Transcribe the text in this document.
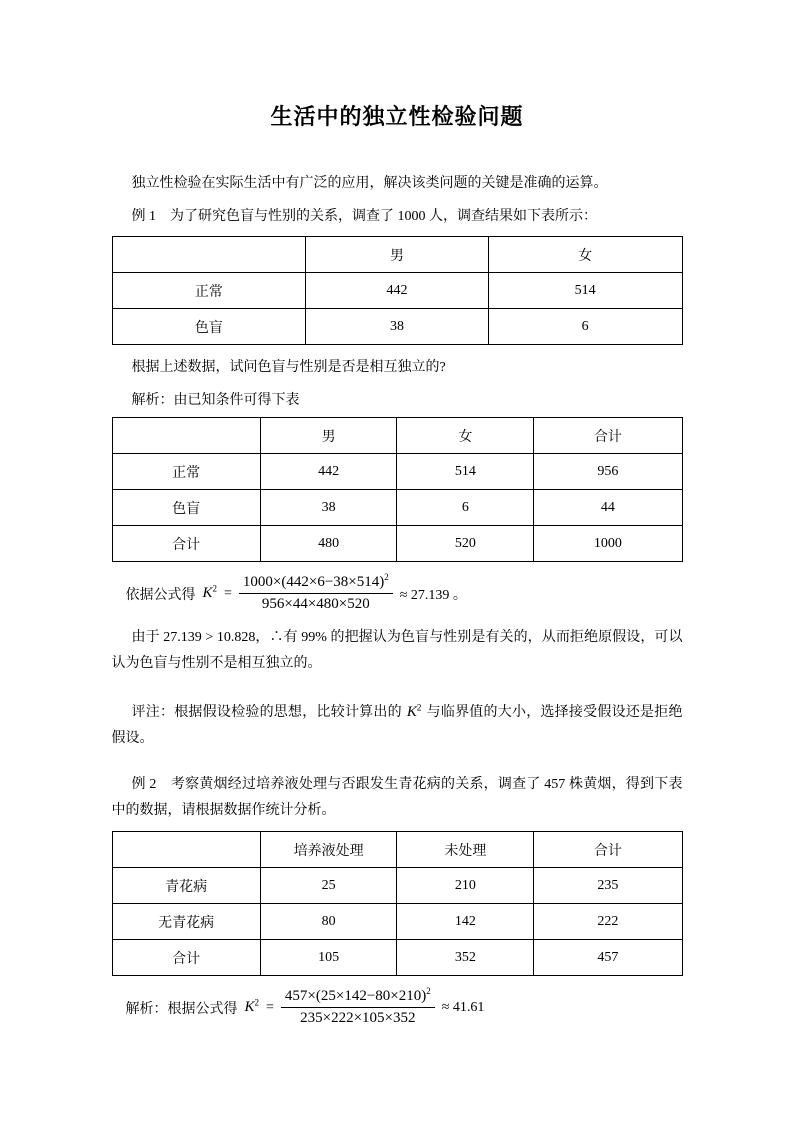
生活中的独立性检验问题

独立性检验在实际生活中有广泛的应用，解决该类问题的关键是准确的运算。

例 1　为了研究色盲与性别的关系，调查了 1000 人，调查结果如下表所示：

	男	女
正常	442	514
色盲	38	6

根据上述数据，试问色盲与性别是否是相互独立的?

解析：由已知条件可得下表

	男	女	合计
正常	442	514	956
色盲	38	6	44
合计	480	520	1000
依据公式得 $K^2 = \frac{1000\times(442\times 6-38\times 514)^2}{956\times 44\times 480\times 520} \approx 27.139$ 。

由于 27.139 > 10.828，∴有 99% 的把握认为色盲与性别是有关的，从而拒绝原假设，可以认为色盲与性别不是相互独立的。

评注：根据假设检验的思想，比较计算出的 $K^2$ 与临界值的大小，选择接受假设还是拒绝假设。

例 2　考察黄烟经过培养液处理与否跟发生青花病的关系，调查了 457 株黄烟，得到下表中的数据，请根据数据作统计分析。

	培养液处理	未处理	合计
青花病	25	210	235
无青花病	80	142	222
合计	105	352	457
解析：根据公式得 $K^2 = \frac{457\times(25\times 142-80\times 210)^2}{235\times 222\times 105\times 352} \approx 41.61$
